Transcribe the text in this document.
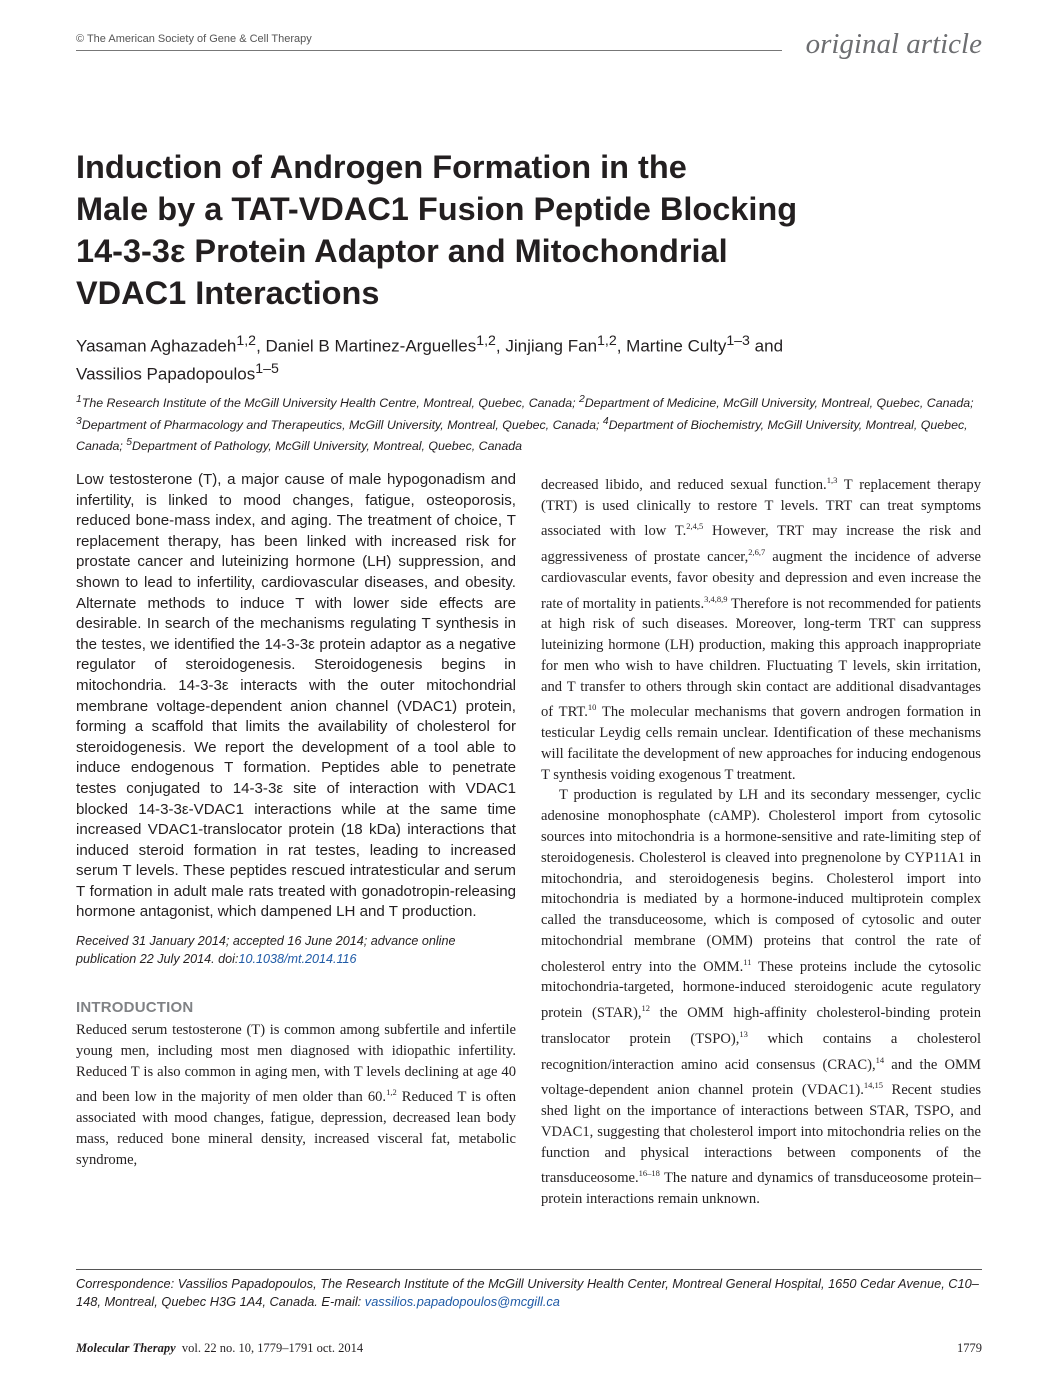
© The American Society of Gene & Cell Therapy	original article
Induction of Androgen Formation in the
Male by a TAT-VDAC1 Fusion Peptide Blocking
14-3-3ε Protein Adaptor and Mitochondrial
VDAC1 Interactions
Yasaman Aghazadeh$^{1,2}$, Daniel B Martinez-Arguelles$^{1,2}$, Jinjiang Fan$^{1,2}$, Martine Culty$^{1-3}$ and
Vassilios Papadopoulos$^{1-5}$
$^1$The Research Institute of the McGill University Health Centre, Montreal, Quebec, Canada; $^2$Department of Medicine, McGill University, Montreal, Quebec, Canada; $^3$Department of Pharmacology and Therapeutics, McGill University, Montreal, Quebec, Canada; $^4$Department of Biochemistry, McGill University, Montreal, Quebec, Canada; $^5$Department of Pathology, McGill University, Montreal, Quebec, Canada

Low testosterone (T), a major cause of male hypogonadism and infertility, is linked to mood changes, fatigue, osteoporosis, reduced bone-mass index, and aging. The treatment of choice, T replacement therapy, has been linked with increased risk for prostate cancer and luteinizing hormone (LH) suppression, and shown to lead to infertility, cardiovascular diseases, and obesity. Alternate methods to induce T with lower side effects are desirable. In search of the mechanisms regulating T synthesis in the testes, we identified the 14-3-3ε protein adaptor as a negative regulator of steroidogenesis. Steroidogenesis begins in mitochondria. 14-3-3ε interacts with the outer mitochondrial membrane voltage-dependent anion channel (VDAC1) protein, forming a scaffold that limits the availability of cholesterol for steroidogenesis. We report the development of a tool able to induce endogenous T formation. Peptides able to penetrate testes conjugated to 14-3-3ε site of interaction with VDAC1 blocked 14-3-3ε-VDAC1 interactions while at the same time increased VDAC1-translocator protein (18 kDa) interactions that induced steroid formation in rat testes, leading to increased serum T levels. These peptides rescued intratesticular and serum T formation in adult male rats treated with gonadotropin-releasing hormone antagonist, which dampened LH and T production.

Received 31 January 2014; accepted 16 June 2014; advance online publication 22 July 2014. doi:10.1038/mt.2014.116

INTRODUCTION

Reduced serum testosterone (T) is common among subfertile and infertile young men, including most men diagnosed with idiopathic infertility. Reduced T is also common in aging men, with T levels declining at age 40 and been low in the majority of men older than 60.$^{1,2}$ Reduced T is often associated with mood changes, fatigue, depression, decreased lean body mass, reduced bone mineral density, increased visceral fat, metabolic syndrome,

decreased libido, and reduced sexual function.$^{1,3}$ T replacement therapy (TRT) is used clinically to restore T levels. TRT can treat symptoms associated with low T.$^{2,4,5}$ However, TRT may increase the risk and aggressiveness of prostate cancer,$^{2,6,7}$ augment the incidence of adverse cardiovascular events, favor obesity and depression and even increase the rate of mortality in patients.$^{3,4,8,9}$ Therefore is not recommended for patients at high risk of such diseases. Moreover, long-term TRT can suppress luteinizing hormone (LH) production, making this approach inappropriate for men who wish to have children. Fluctuating T levels, skin irritation, and T transfer to others through skin contact are additional disadvantages of TRT.$^{10}$ The molecular mechanisms that govern androgen formation in testicular Leydig cells remain unclear. Identification of these mechanisms will facilitate the development of new approaches for inducing endogenous T synthesis voiding exogenous T treatment.

T production is regulated by LH and its secondary messenger, cyclic adenosine monophosphate (cAMP). Cholesterol import from cytosolic sources into mitochondria is a hormone-sensitive and rate-limiting step of steroidogenesis. Cholesterol is cleaved into pregnenolone by CYP11A1 in mitochondria, and steroidogenesis begins. Cholesterol import into mitochondria is mediated by a hormone-induced multiprotein complex called the transduceosome, which is composed of cytosolic and outer mitochondrial membrane (OMM) proteins that control the rate of cholesterol entry into the OMM.$^{11}$ These proteins include the cytosolic mitochondria-targeted, hormone-induced steroidogenic acute regulatory protein (STAR),$^{12}$ the OMM high-affinity cholesterol-binding protein translocator protein (TSPO),$^{13}$ which contains a cholesterol recognition/interaction amino acid consensus (CRAC),$^{14}$ and the OMM voltage-dependent anion channel protein (VDAC1).$^{14,15}$ Recent studies shed light on the importance of interactions between STAR, TSPO, and VDAC1, suggesting that cholesterol import into mitochondria relies on the function and physical interactions between components of the transduceosome.$^{16-18}$ The nature and dynamics of transduceosome protein–protein interactions remain unknown.

Correspondence: Vassilios Papadopoulos, The Research Institute of the McGill University Health Center, Montreal General Hospital, 1650 Cedar Avenue, C10–148, Montreal, Quebec H3G 1A4, Canada. E-mail: vassilios.papadopoulos@mcgill.ca
Molecular Therapy vol. 22 no. 10, 1779–1791 oct. 2014	1779
